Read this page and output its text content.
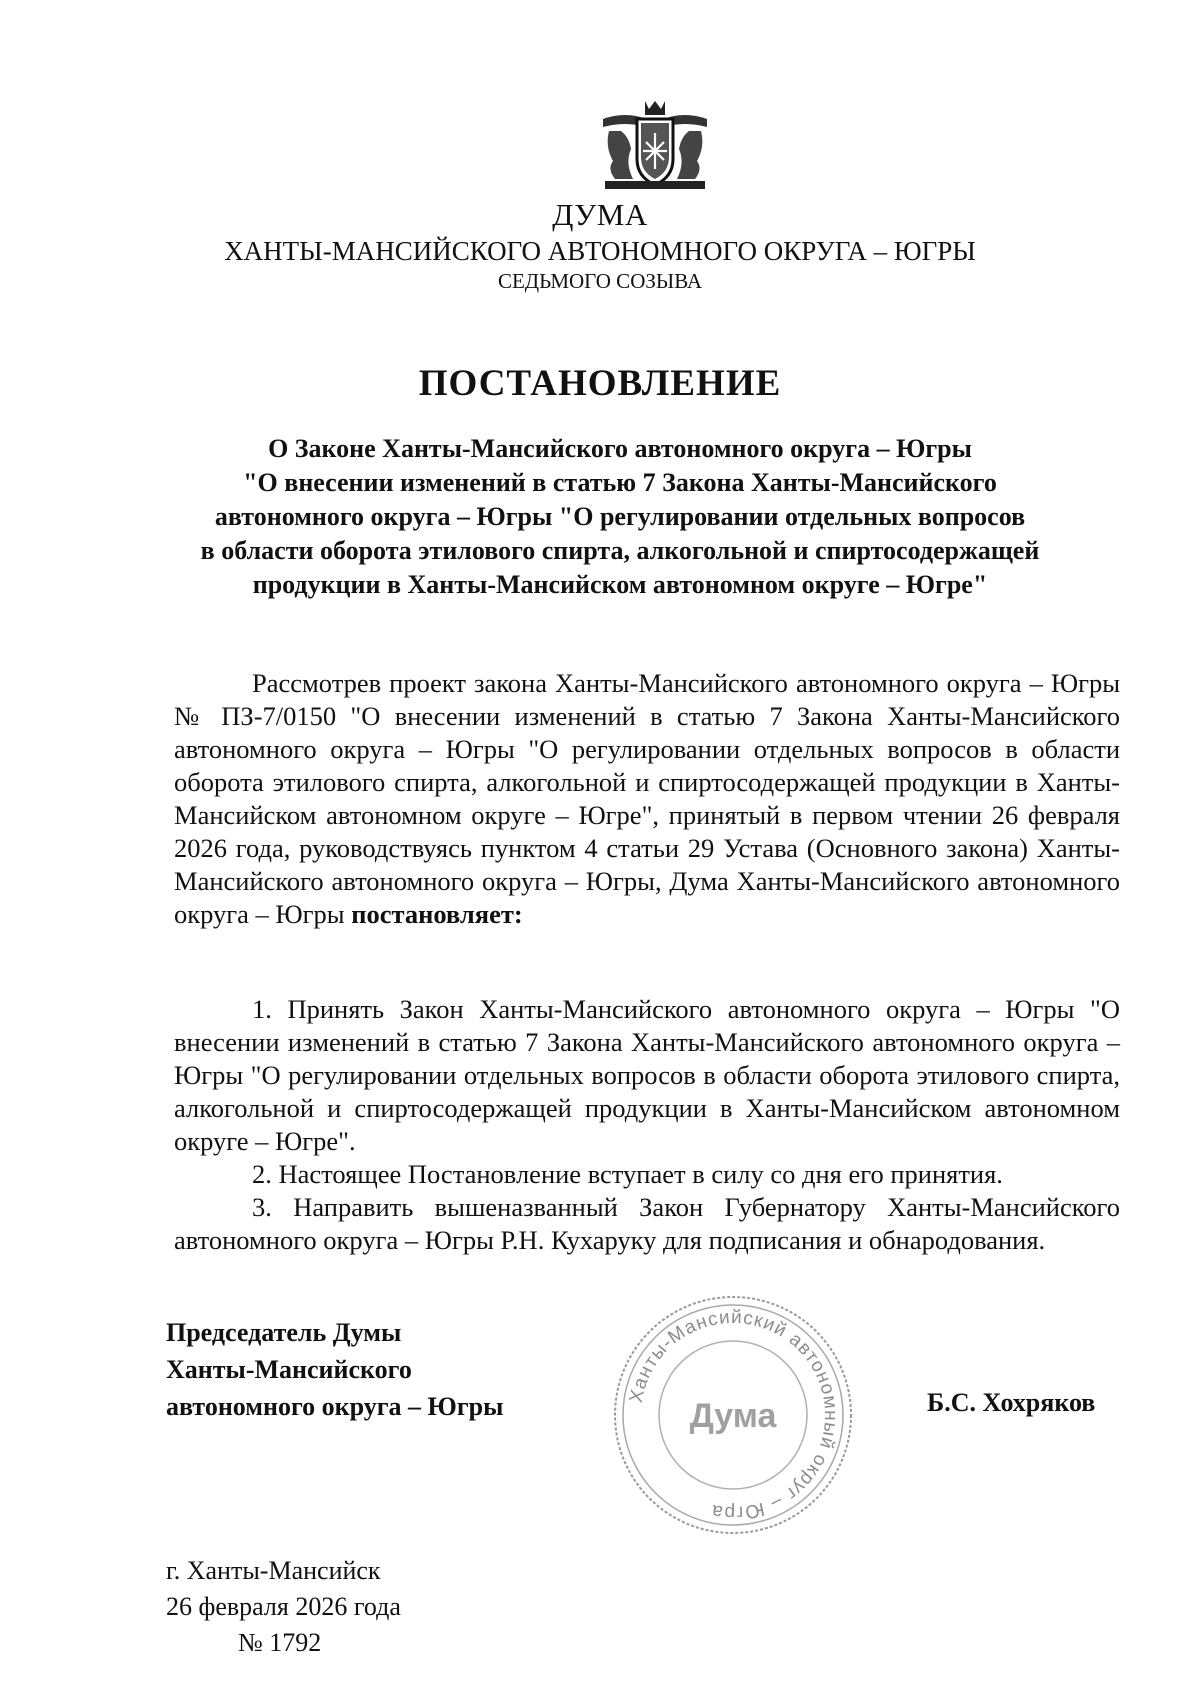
ДУМА
ХАНТЫ-МАНСИЙСКОГО АВТОНОМНОГО ОКРУГА – ЮГРЫ
СЕДЬМОГО СОЗЫВА
ПОСТАНОВЛЕНИЕ
О Законе Ханты-Мансийского автономного округа – Югры
"О внесении изменений в статью 7 Закона Ханты-Мансийского
автономного округа – Югры "О регулировании отдельных вопросов
в области оборота этилового спирта, алкогольной и спиртосодержащей
продукции в Ханты-Мансийском автономном округе – Югре"
Рассмотрев проект закона Ханты-Мансийского автономного округа – Югры № ПЗ-7/0150 "О внесении изменений в статью 7 Закона Ханты-Мансийского автономного округа – Югры "О регулировании отдельных вопросов в области оборота этилового спирта, алкогольной и спиртосодержащей продукции в Ханты-Мансийском автономном округе – Югре", принятый в первом чтении 26 февраля 2026 года, руководствуясь пунктом 4 статьи 29 Устава (Основного закона) Ханты-Мансийского автономного округа – Югры, Дума Ханты-Мансийского автономного округа – Югры постановляет:

1. Принять Закон Ханты-Мансийского автономного округа – Югры "О внесении изменений в статью 7 Закона Ханты-Мансийского автономного округа – Югры "О регулировании отдельных вопросов в области оборота этилового спирта, алкогольной и спиртосодержащей продукции в Ханты-Мансийском автономном округе – Югре".

2. Настоящее Постановление вступает в силу со дня его принятия.

3. Направить вышеназванный Закон Губернатору Ханты-Мансийского автономного округа – Югры Р.Н. Кухаруку для подписания и обнародования.

Председатель Думы
Ханты-Мансийского
автономного округа – Югры	Ханты-Мансийский автономный округ – Югра
Дума	Б.С. Хохряков
г. Ханты-Мансийск
26 февраля 2026 года
№ 1792
